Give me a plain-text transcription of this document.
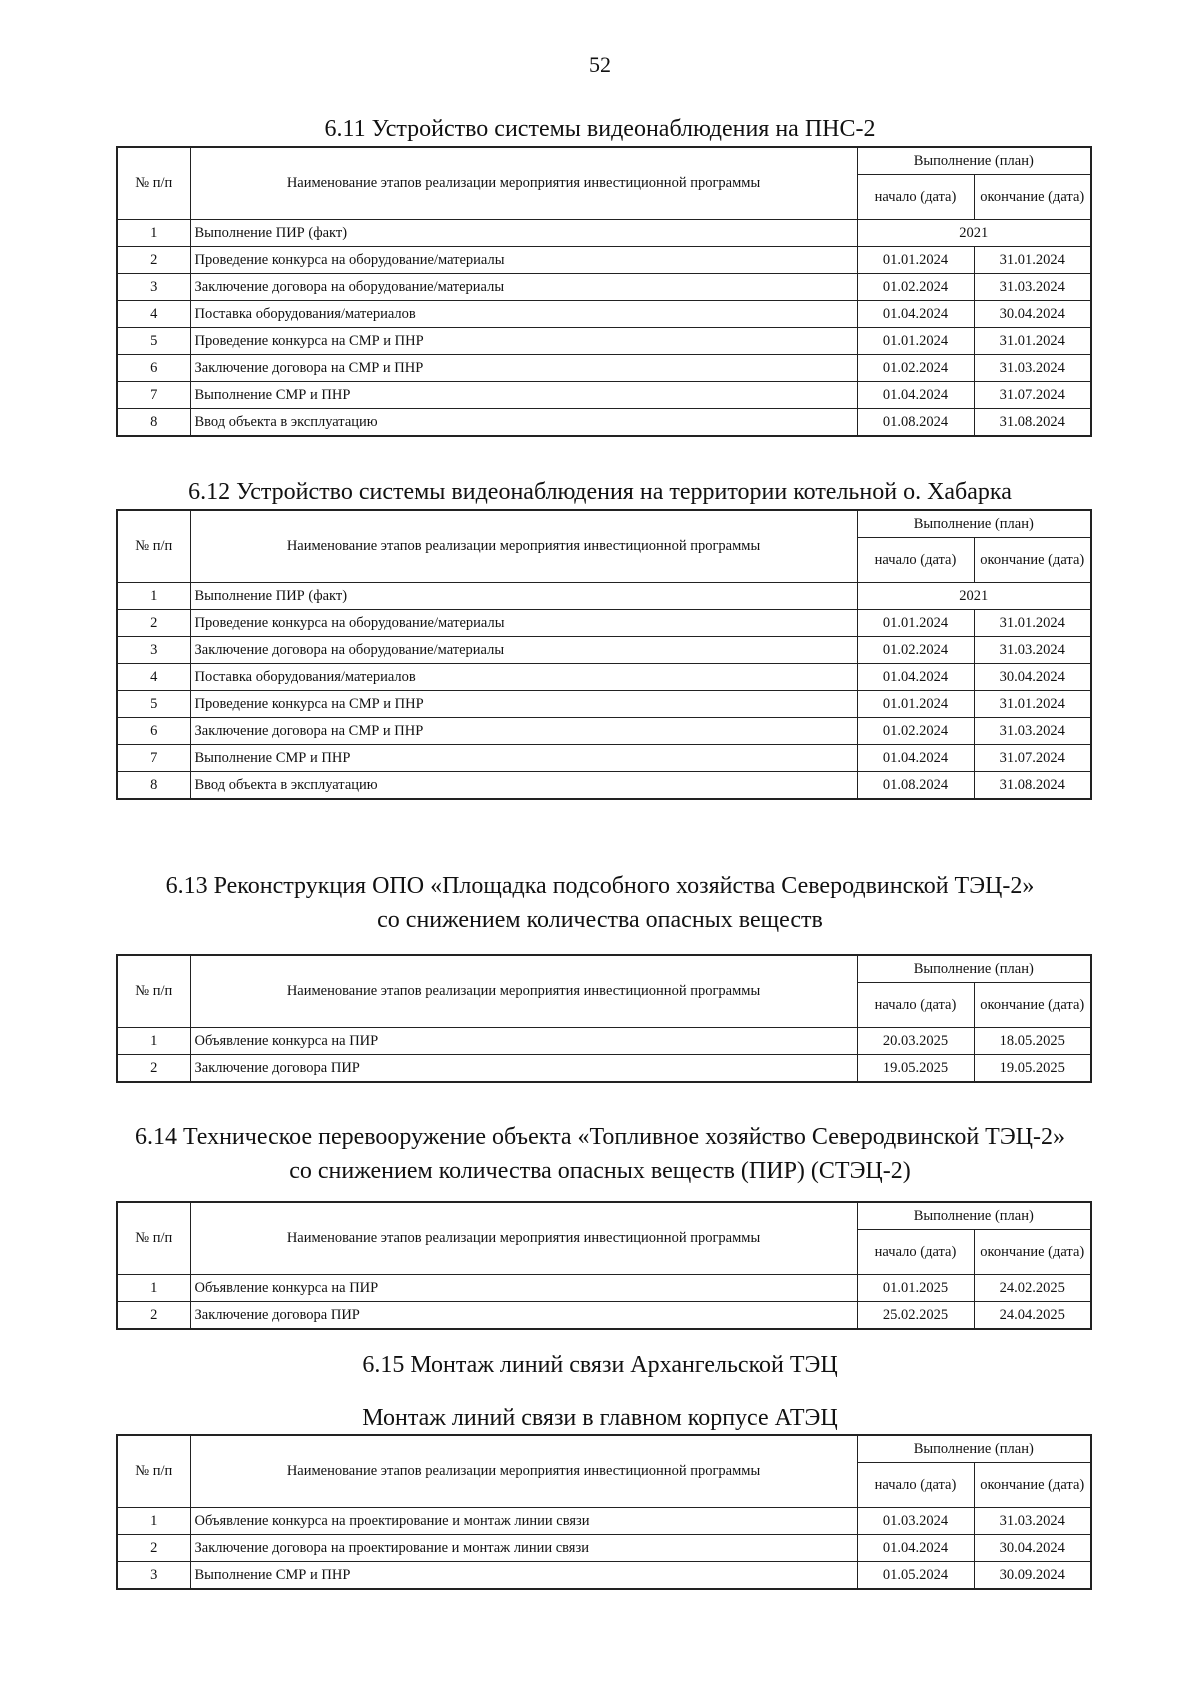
52
6.11 Устройство системы видеонаблюдения на ПНС-2
№ п/п	Наименование этапов реализации мероприятия инвестиционной программы	Выполнение (план)	
		начало (дата)	окончание (дата)
1	Выполнение ПИР (факт)	2021	
2	Проведение конкурса на оборудование/материалы	01.01.2024	31.01.2024
3	Заключение договора на оборудование/материалы	01.02.2024	31.03.2024
4	Поставка оборудования/материалов	01.04.2024	30.04.2024
5	Проведение конкурса на СМР и ПНР	01.01.2024	31.01.2024
6	Заключение договора на СМР и ПНР	01.02.2024	31.03.2024
7	Выполнение СМР и ПНР	01.04.2024	31.07.2024
8	Ввод объекта в эксплуатацию	01.08.2024	31.08.2024
6.12 Устройство системы видеонаблюдения на территории котельной о. Хабарка
№ п/п	Наименование этапов реализации мероприятия инвестиционной программы	Выполнение (план)	
		начало (дата)	окончание (дата)
1	Выполнение ПИР (факт)	2021	
2	Проведение конкурса на оборудование/материалы	01.01.2024	31.01.2024
3	Заключение договора на оборудование/материалы	01.02.2024	31.03.2024
4	Поставка оборудования/материалов	01.04.2024	30.04.2024
5	Проведение конкурса на СМР и ПНР	01.01.2024	31.01.2024
6	Заключение договора на СМР и ПНР	01.02.2024	31.03.2024
7	Выполнение СМР и ПНР	01.04.2024	31.07.2024
8	Ввод объекта в эксплуатацию	01.08.2024	31.08.2024
6.13 Реконструкция ОПО «Площадка подсобного хозяйства Северодвинской ТЭЦ-2»
со снижением количества опасных веществ
№ п/п	Наименование этапов реализации мероприятия инвестиционной программы	Выполнение (план)	
		начало (дата)	окончание (дата)
1	Объявление конкурса на ПИР	20.03.2025	18.05.2025
2	Заключение договора ПИР	19.05.2025	19.05.2025
6.14 Техническое перевооружение объекта «Топливное хозяйство Северодвинской ТЭЦ-2»
со снижением количества опасных веществ (ПИР) (СТЭЦ-2)
№ п/п	Наименование этапов реализации мероприятия инвестиционной программы	Выполнение (план)	
		начало (дата)	окончание (дата)
1	Объявление конкурса на ПИР	01.01.2025	24.02.2025
2	Заключение договора ПИР	25.02.2025	24.04.2025
6.15 Монтаж линий связи Архангельской ТЭЦ
Монтаж линий связи в главном корпусе АТЭЦ
№ п/п	Наименование этапов реализации мероприятия инвестиционной программы	Выполнение (план)	
		начало (дата)	окончание (дата)
1	Объявление конкурса на проектирование и монтаж линии связи	01.03.2024	31.03.2024
2	Заключение договора на проектирование и монтаж линии связи	01.04.2024	30.04.2024
3	Выполнение СМР и ПНР	01.05.2024	30.09.2024
